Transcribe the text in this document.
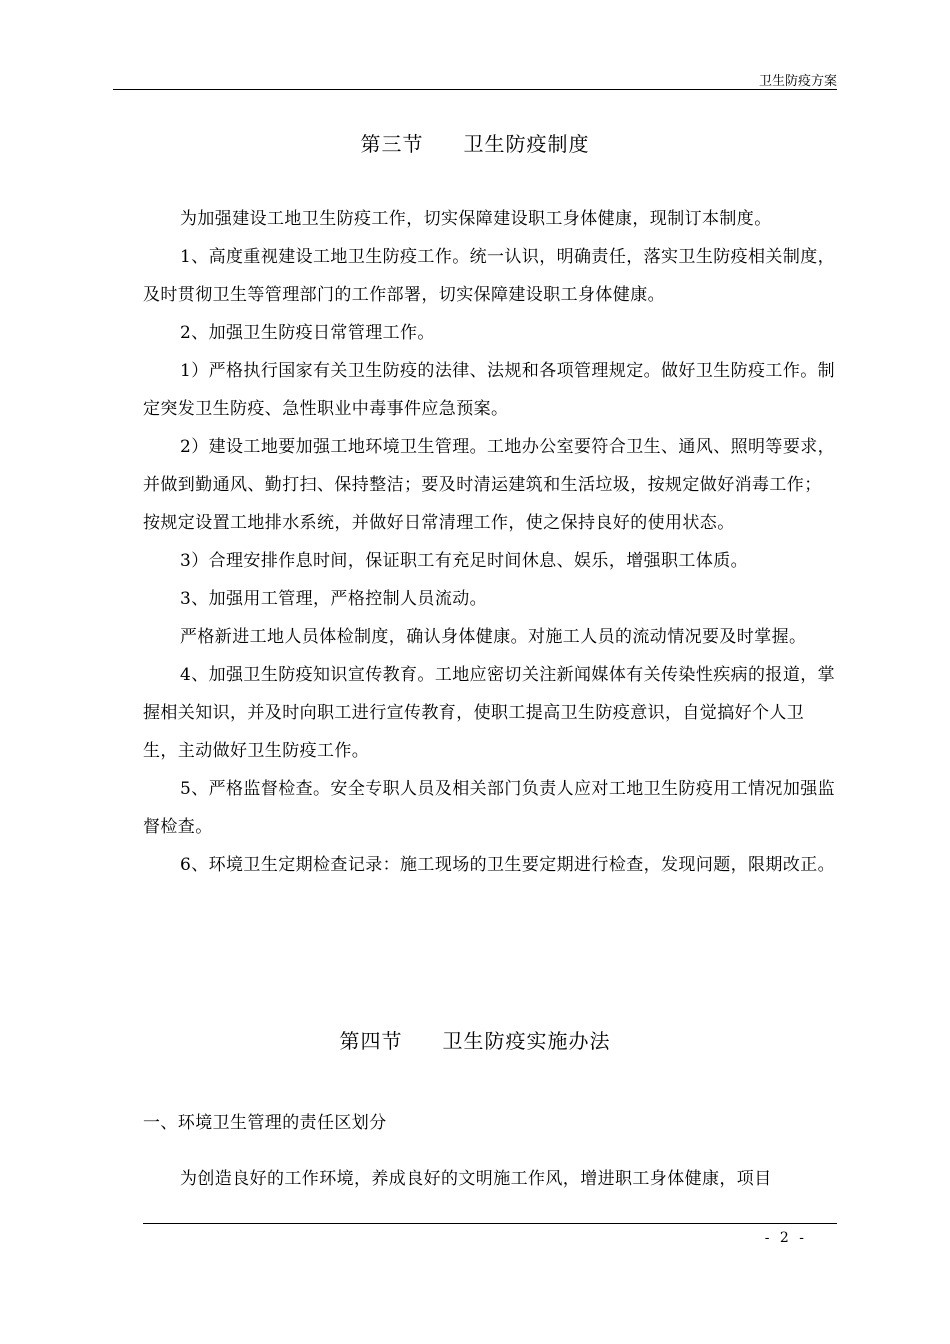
卫生防疫方案
第三节 卫生防疫制度

为加强建设工地卫生防疫工作，切实保障建设职工身体健康，现制订本制度。

1、高度重视建设工地卫生防疫工作。统一认识，明确责任，落实卫生防疫相关制度，及时贯彻卫生等管理部门的工作部署，切实保障建设职工身体健康。

2、加强卫生防疫日常管理工作。

1）严格执行国家有关卫生防疫的法律、法规和各项管理规定。做好卫生防疫工作。制定突发卫生防疫、急性职业中毒事件应急预案。

2）建设工地要加强工地环境卫生管理。工地办公室要符合卫生、通风、照明等要求，并做到勤通风、勤打扫、保持整洁；要及时清运建筑和生活垃圾，按规定做好消毒工作；按规定设置工地排水系统，并做好日常清理工作，使之保持良好的使用状态。

3）合理安排作息时间，保证职工有充足时间休息、娱乐，增强职工体质。

3、加强用工管理，严格控制人员流动。

严格新进工地人员体检制度，确认身体健康。对施工人员的流动情况要及时掌握。

4、加强卫生防疫知识宣传教育。工地应密切关注新闻媒体有关传染性疾病的报道，掌握相关知识，并及时向职工进行宣传教育，使职工提高卫生防疫意识，自觉搞好个人卫生，主动做好卫生防疫工作。

5、严格监督检查。安全专职人员及相关部门负责人应对工地卫生防疫用工情况加强监督检查。

6、环境卫生定期检查记录：施工现场的卫生要定期进行检查，发现问题，限期改正。

第四节 卫生防疫实施办法
一、环境卫生管理的责任区划分

为创造良好的工作环境，养成良好的文明施工作风，增进职工身体健康，项目

- 2 -
